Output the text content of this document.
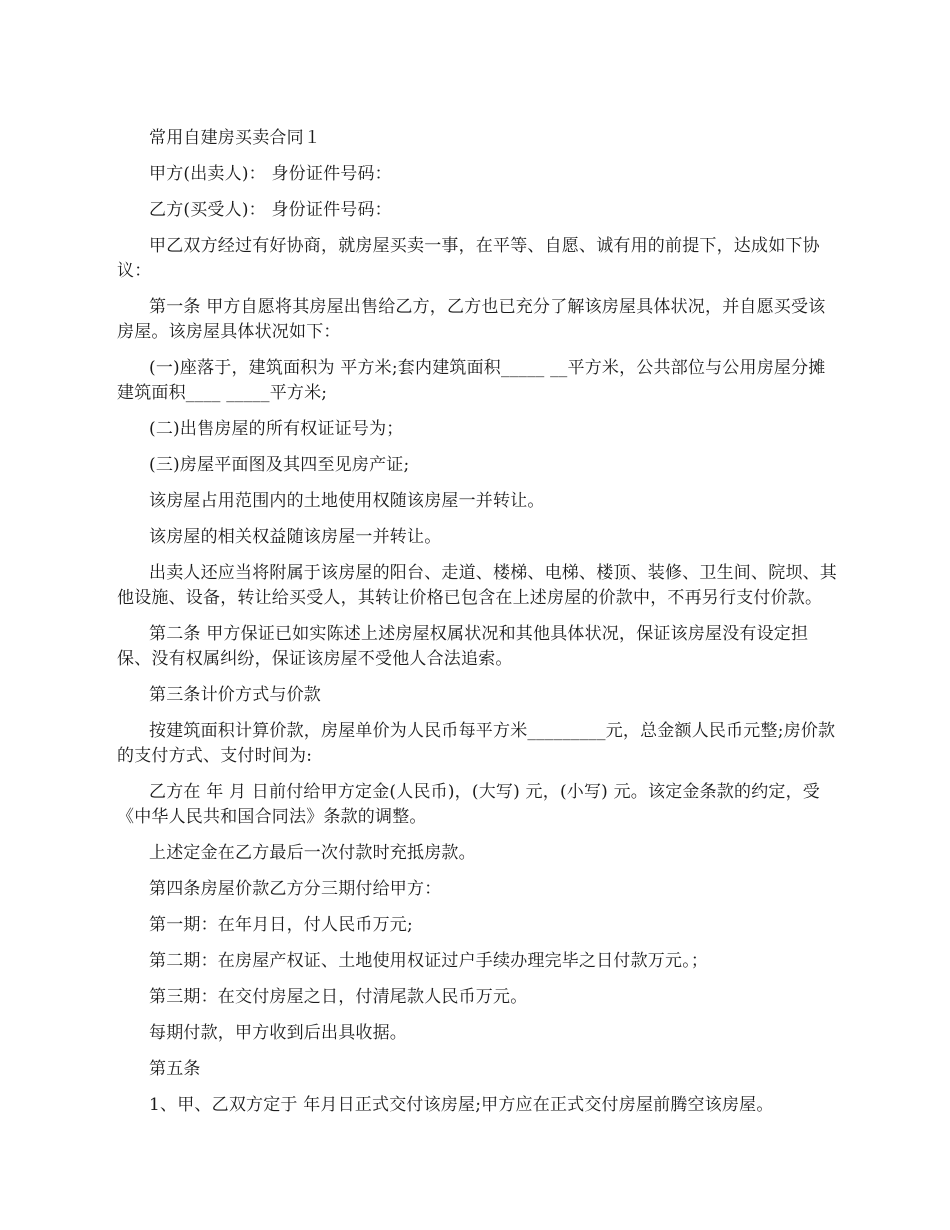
常用自建房买卖合同１

甲方(出卖人)： 身份证件号码：

乙方(买受人)： 身份证件号码：

甲乙双方经过有好协商，就房屋买卖一事，在平等、自愿、诚有用的前提下，达成如下协议：

第一条 甲方自愿将其房屋出售给乙方，乙方也已充分了解该房屋具体状况，并自愿买受该房屋。该房屋具体状况如下：

(一)座落于，建筑面积为 平方米;套内建筑面积_____ __平方米，公共部位与公用房屋分摊建筑面积____ _____平方米;

(二)出售房屋的所有权证证号为；

(三)房屋平面图及其四至见房产证;

该房屋占用范围内的土地使用权随该房屋一并转让。

该房屋的相关权益随该房屋一并转让。

出卖人还应当将附属于该房屋的阳台、走道、楼梯、电梯、楼顶、装修、卫生间、院坝、其他设施、设备，转让给买受人，其转让价格已包含在上述房屋的价款中，不再另行支付价款。

第二条 甲方保证已如实陈述上述房屋权属状况和其他具体状况，保证该房屋没有设定担保、没有权属纠纷，保证该房屋不受他人合法追索。

第三条计价方式与价款

按建筑面积计算价款，房屋单价为人民币每平方米_________元，总金额人民币元整;房价款的支付方式、支付时间为:

乙方在 年 月 日前付给甲方定金(人民币)，(大写) 元，(小写) 元。该定金条款的约定，受《中华人民共和国合同法》条款的调整。

上述定金在乙方最后一次付款时充抵房款。

第四条房屋价款乙方分三期付给甲方：

第一期：在年月日，付人民币万元;

第二期：在房屋产权证、土地使用权证过户手续办理完毕之日付款万元。；

第三期：在交付房屋之日，付清尾款人民币万元。

每期付款，甲方收到后出具收据。

第五条

1、甲、乙双方定于 年月日正式交付该房屋;甲方应在正式交付房屋前腾空该房屋。
